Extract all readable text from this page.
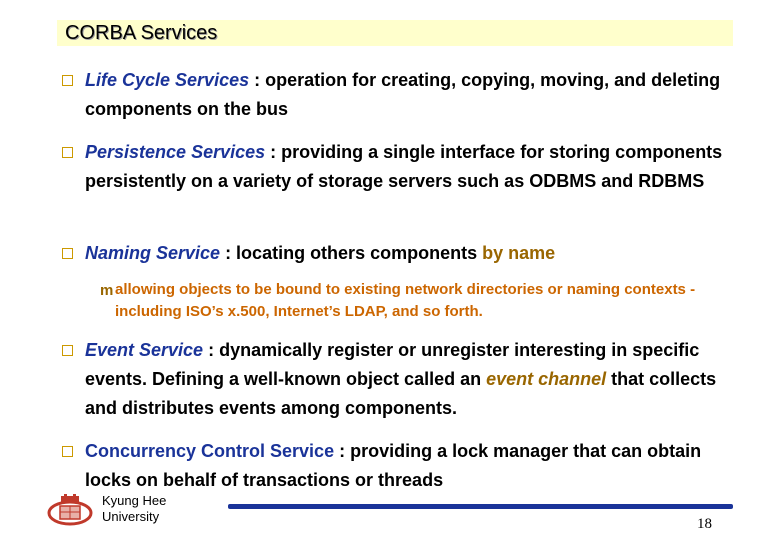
CORBA Services
Life Cycle Services : operation for creating, copying, moving, and deleting components on the bus
Persistence Services : providing a single interface for storing components persistently on a variety of storage servers such as ODBMS and RDBMS
Naming Service : locating others components by name
m allowing objects to be bound to existing network directories or naming contexts - including ISO’s x.500, Internet’s LDAP, and so forth.
Event Service : dynamically register or unregister interesting in specific events. Defining a well-known object called an event channel that collects and distributes events among components.
Concurrency Control Service : providing a lock manager that can obtain locks on behalf of transactions or threads
Kyung Hee
University	18
